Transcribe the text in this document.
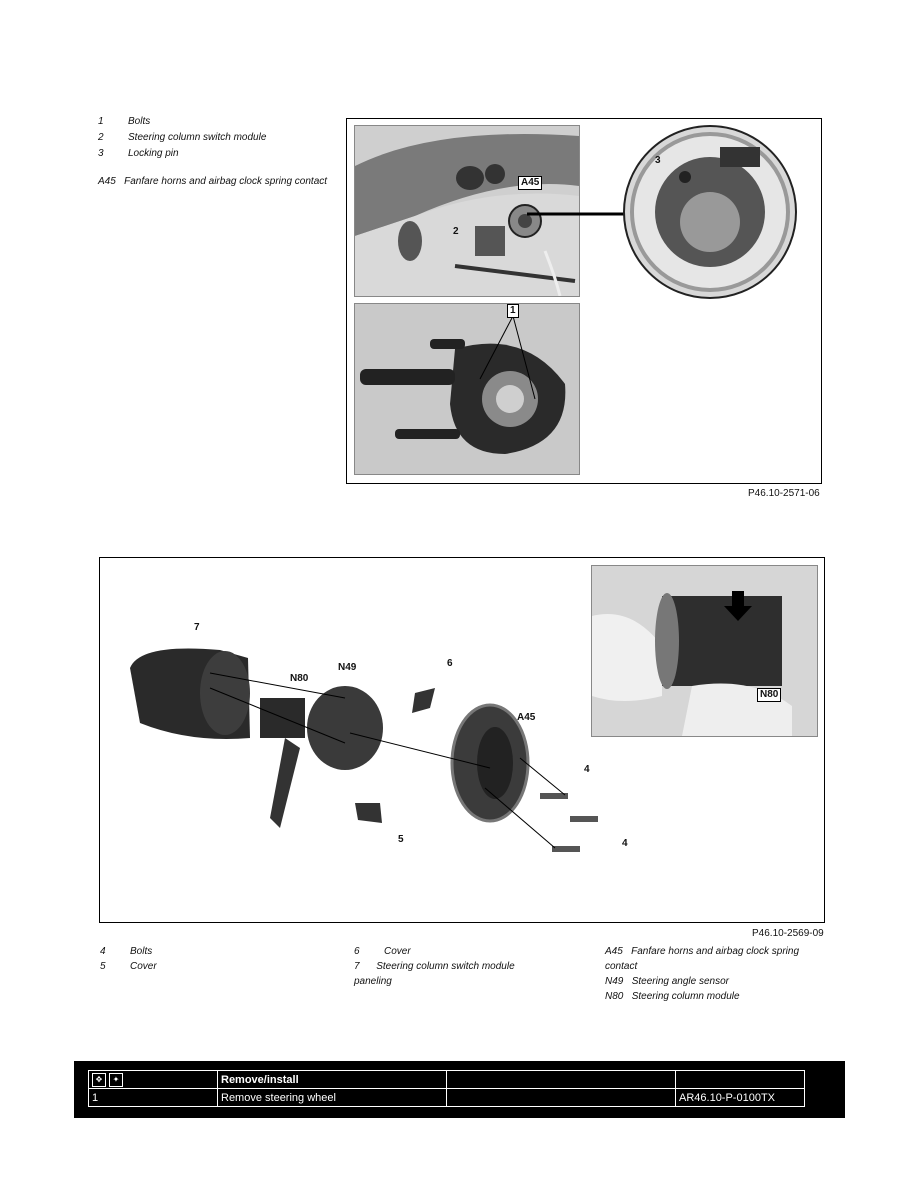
1	Bolts
2	Steering column switch module
3	Locking pin
A45 Fanfare horns and airbag clock spring contact	A45
2
3
1
P46.10-2571-06
7
N80
N49	6
A45
4
4
5
N80
P46.10-2569-09
4	Bolts
5	Cover
6	Cover
7 Steering column switch module paneling
A45 Fanfare horns and airbag clock spring contact
N49 Steering angle sensor
N80 Steering column module
✥ ✦	Remove/install		
1	Remove steering wheel		AR46.10-P-0100TX
